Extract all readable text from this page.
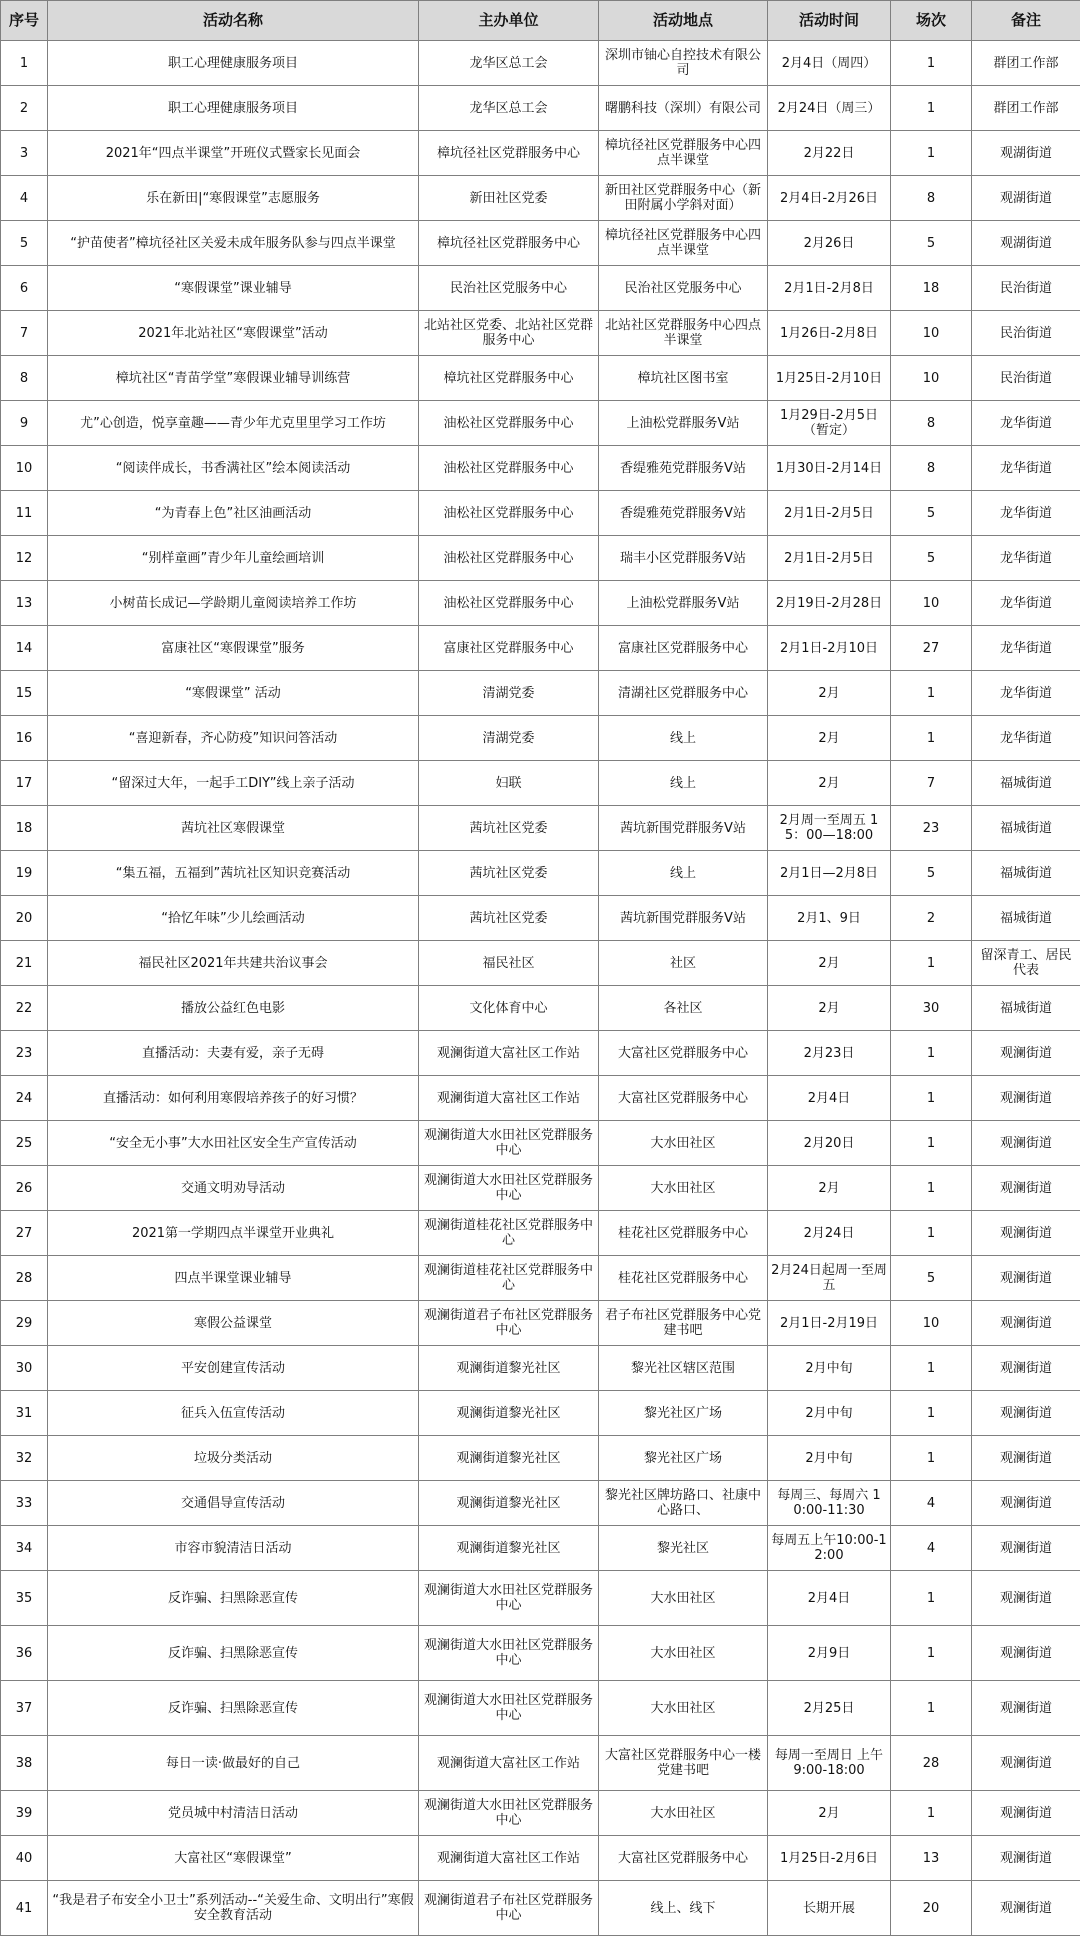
序号	活动名称	主办单位	活动地点	活动时间	场次	备注
1	职工心理健康服务项目	龙华区总工会	深圳市铀心自控技术有限公司	2月4日（周四）	1	群团工作部
2	职工心理健康服务项目	龙华区总工会	曙鹏科技（深圳）有限公司	2月24日（周三）	1	群团工作部
3	2021年“四点半课堂”开班仪式暨家长见面会	樟坑径社区党群服务中心	樟坑径社区党群服务中心四点半课堂	2月22日	1	观湖街道
4	乐在新田|“寒假课堂”志愿服务	新田社区党委	新田社区党群服务中心（新田附属小学斜对面）	2月4日-2月26日	8	观湖街道
5	“护苗使者”樟坑径社区关爱未成年服务队参与四点半课堂	樟坑径社区党群服务中心	樟坑径社区党群服务中心四点半课堂	2月26日	5	观湖街道
6	“寒假课堂”课业辅导	民治社区党服务中心	民治社区党服务中心	2月1日-2月8日	18	民治街道
7	2021年北站社区“寒假课堂”活动	北站社区党委、北站社区党群服务中心	北站社区党群服务中心四点半课堂	1月26日-2月8日	10	民治街道
8	樟坑社区“青苗学堂”寒假课业辅导训练营	樟坑社区党群服务中心	樟坑社区图书室	1月25日-2月10日	10	民治街道
9	尤”心创造，悦享童趣——青少年尤克里里学习工作坊	油松社区党群服务中心	上油松党群服务V站	1月29日-2月5日（暂定）	8	龙华街道
10	“阅读伴成长，书香满社区”绘本阅读活动	油松社区党群服务中心	香缇雅苑党群服务V站	1月30日-2月14日	8	龙华街道
11	“为青春上色”社区油画活动	油松社区党群服务中心	香缇雅苑党群服务V站	2月1日-2月5日	5	龙华街道
12	“别样童画”青少年儿童绘画培训	油松社区党群服务中心	瑞丰小区党群服务V站	2月1日-2月5日	5	龙华街道
13	小树苗长成记—学龄期儿童阅读培养工作坊	油松社区党群服务中心	上油松党群服务V站	2月19日-2月28日	10	龙华街道
14	富康社区“寒假课堂”服务	富康社区党群服务中心	富康社区党群服务中心	2月1日-2月10日	27	龙华街道
15	“寒假课堂” 活动	清湖党委	清湖社区党群服务中心	2月	1	龙华街道
16	“喜迎新春，齐心防疫”知识问答活动	清湖党委	线上	2月	1	龙华街道
17	“留深过大年，一起手工DIY”线上亲子活动	妇联	线上	2月	7	福城街道
18	茜坑社区寒假课堂	茜坑社区党委	茜坑新围党群服务V站	2月周一至周五 15：00—18:00	23	福城街道
19	“集五福，五福到”茜坑社区知识竞赛活动	茜坑社区党委	线上	2月1日—2月8日	5	福城街道
20	“拾忆年味”少儿绘画活动	茜坑社区党委	茜坑新围党群服务V站	2月1、9日	2	福城街道
21	福民社区2021年共建共治议事会	福民社区	社区	2月	1	留深青工、居民代表
22	播放公益红色电影	文化体育中心	各社区	2月	30	福城街道
23	直播活动：夫妻有爱，亲子无碍	观澜街道大富社区工作站	大富社区党群服务中心	2月23日	1	观澜街道
24	直播活动：如何利用寒假培养孩子的好习惯？	观澜街道大富社区工作站	大富社区党群服务中心	2月4日	1	观澜街道
25	“安全无小事”大水田社区安全生产宣传活动	观澜街道大水田社区党群服务中心	大水田社区	2月20日	1	观澜街道
26	交通文明劝导活动	观澜街道大水田社区党群服务中心	大水田社区	2月	1	观澜街道
27	2021第一学期四点半课堂开业典礼	观澜街道桂花社区党群服务中心	桂花社区党群服务中心	2月24日	1	观澜街道
28	四点半课堂课业辅导	观澜街道桂花社区党群服务中心	桂花社区党群服务中心	2月24日起周一至周五	5	观澜街道
29	寒假公益课堂	观澜街道君子布社区党群服务中心	君子布社区党群服务中心党建书吧	2月1日-2月19日	10	观澜街道
30	平安创建宣传活动	观澜街道黎光社区	黎光社区辖区范围	2月中旬	1	观澜街道
31	征兵入伍宣传活动	观澜街道黎光社区	黎光社区广场	2月中旬	1	观澜街道
32	垃圾分类活动	观澜街道黎光社区	黎光社区广场	2月中旬	1	观澜街道
33	交通倡导宣传活动	观澜街道黎光社区	黎光社区牌坊路口、社康中心路口、	每周三、每周六 10:00-11:30	4	观澜街道
34	市容市貌清洁日活动	观澜街道黎光社区	黎光社区	每周五上午10:00-12:00	4	观澜街道
35	反诈骗、扫黑除恶宣传	观澜街道大水田社区党群服务中心	大水田社区	2月4日	1	观澜街道
36	反诈骗、扫黑除恶宣传	观澜街道大水田社区党群服务中心	大水田社区	2月9日	1	观澜街道
37	反诈骗、扫黑除恶宣传	观澜街道大水田社区党群服务中心	大水田社区	2月25日	1	观澜街道
38	每日一读·做最好的自己	观澜街道大富社区工作站	大富社区党群服务中心一楼党建书吧	每周一至周日 上午9:00-18:00	28	观澜街道
39	党员城中村清洁日活动	观澜街道大水田社区党群服务中心	大水田社区	2月	1	观澜街道
40	大富社区“寒假课堂”	观澜街道大富社区工作站	大富社区党群服务中心	1月25日-2月6日	13	观澜街道
41	“我是君子布安全小卫士”系列活动--“关爱生命、文明出行”寒假安全教育活动	观澜街道君子布社区党群服务中心	线上、线下	长期开展	20	观澜街道
